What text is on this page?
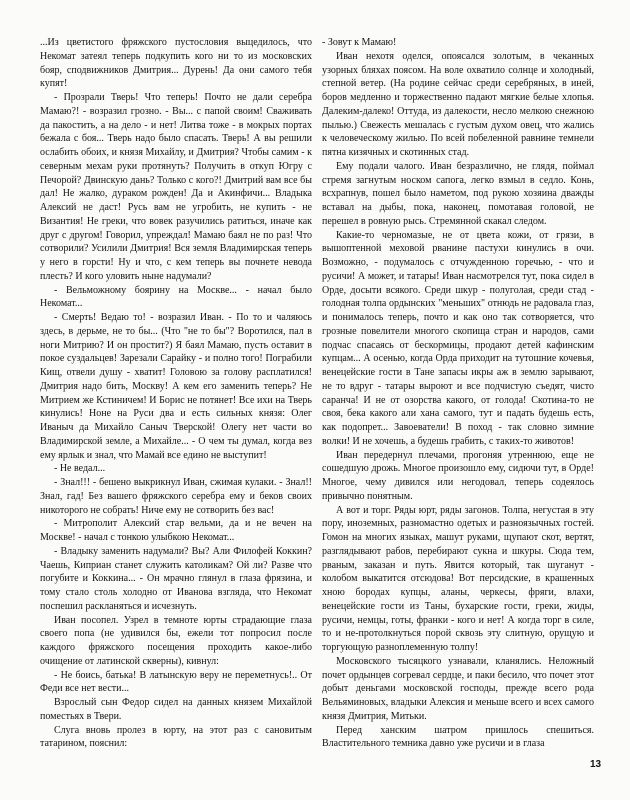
...Из цветистого фряжского пустословия выцедилось, что Некомат затеял теперь подкупить кого ни то из московских бояр, сподвижников Дмитрия... Дурень! Да они самого тебя купят!

- Прозрали Тверь! Что теперь! Почто не дали серебра Мамаю?! - возразил грозно. - Вы... с папой своим! Сваживать да пакостить, а на дело - и нет! Литва тоже - в мокрых портах бежала с боя... Тверь надо было спасать. Тверь! А вы решили ослабить обоих, и князя Михайлу, и Дмитрия? Чтобы самим - к северным мехам руки протянуть? Получить в откуп Югру с Печорой? Двинскую дань? Только с кого?! Дмитрий вам все бы дал! Не жалко, дураком рожден! Да и Акинфичи... Владыка Алексий не даст! Русь вам не угробить, не купить - не Византия! Не греки, что вовек разучились ратиться, иначе как друг с другом! Говорил, упреждал! Мамаю баял не по раз! Что сотворили? Усилили Дмитрия! Вся земля Владимирская теперь у него в горсти! Ну и что, с кем теперь вы почнете невода плесть? И кого уловить ныне надумали?

- Вельможному боярину на Москве... - начал было Некомат...

- Смерть! Ведаю то! - возразил Иван. - По то и чаляюсь здесь, в дерьме, не то бы... (Что "не то бы"? Воротился, пал в ноги Митрию? И он простит?) Я баял Мамаю, пусть оставит в покое суздальцев! Зарезали Сарайку - и полно того! Пограбили Кищ, отвели душу - хватит! Головою за голову расплатился! Дмитрия надо бить, Москву! А кем его заменить теперь? Не Митрием же Кстиничем! И Борис не потянет! Все ихи на Тверь кинулись! Ноне на Руси два и есть сильных князя: Олег Иваныч да Михайло Саныч Тверской! Олегу нет части во Владимирской земле, а Михайле... - О чем ты думал, когда вез ему ярлык и знал, что Мамай все едино не выступит!

- Не ведал...

- Знал!!! - бешено выкрикнул Иван, сжимая кулаки. - Знал!! Знал, гад! Без вашего фряжского серебра ему и беков своих никоторого не собрать! Ниче ему не сотворить без вас!

- Митрополит Алексий стар вельми, да и не вечен на Москве! - начал с тонкою улыбкою Некомат...

- Владыку заменить надумали? Вы? Али Филофей Коккин? Чаешь, Киприан станет служить католикам? Ой ли? Разве что погубите и Коккина... - Он мрачно глянул в глаза фрязина, и тому стало столь холодно от Иванова взгляда, что Некомат поспешил раскланяться и исчезнуть.

Иван посопел. Узрел в темноте юрты страдающие глаза своего попа (не удивился бы, ежели тот попросил после каждого фряжского посещения проходить какое-либо очищение от латинской скверны), кивнул:

- Не боись, батька! В латынскую веру не переметнусь!.. От Феди все нет вести...

Взрослый сын Федор сидел на данных князем Михайлой поместьях в Твери.

Слуга вновь пролез в юрту, на этот раз с сановитым татарином, пояснил:

- Зовут к Мамаю!

Иван нехотя оделся, опоясался золотым, в чеканных узорных бляхах поясом. На воле охватило солнце и холодный, степной ветер. (На родине сейчас среди серебряных, в иней, боров медленно и торжественно падают мягкие белые хлопья. Далеким-далеко! Оттуда, из далекости, несло мелкою снежною пылью.) Свежесть мешалась с густым духом овец, что жались к человеческому жилью. По всей побеленной равнине темнели пятна кизячных и скотинных стад.

Ему подали чалого. Иван безразлично, не глядя, поймал стремя загнутым носком сапога, легко взмыл в седло. Конь, всхрапнув, пошел было наметом, под рукою хозяина дважды вставал на дыбы, пока, наконец, помотавая головой, не перешел в ровную рысь. Стремянной скакал следом.

Какие-то черномазые, не от цвета кожи, от грязи, в вышоптенной меховой рванине пастухи кинулись в очи. Возможно, - подумалось с отчужденною горечью, - что и русичи! А может, и татары! Иван насмотрелся тут, пока сидел в Орде, досыти всякого. Среди шкур - полуголая, среди стад - голодная толпа ордынских "меньших" отнюдь не радовала глаз, и понималось теперь, почто и как оно так сотворяется, что грозные повелители многого скопища стран и народов, сами подчас спасаясь от бескормицы, продают детей кафинским купцам... А осенью, когда Орда приходит на тутошние кочевья, венецейские гости в Тане запасы икры аж в землю зарывают, не то вдруг - татары выроют и все подчистую съедят, чисто саранча! И не от озорства какого, от голода! Скотина-то не своя, бека какого али хана самого, тут и падать будешь есть, как подопрет... Завоеватели! В поход - так словно зимние волки! И не хочешь, а будешь грабить, с таких-то животов!

Иван передернул плечами, прогоняя утреннюю, еще не сошедшую дрожь. Многое произошло ему, сидючи тут, в Орде! Многое, чему дивился или негодовал, теперь содеялось привычно понятным.

А вот и торг. Ряды юрт, ряды загонов. Толпа, негустая в эту пору, иноземных, разномастно одетых и разноязычных гостей. Гомон на многих языках, машут руками, щупают скот, вертят, разглядывают рабов, перебирают сукна и шкуры. Сюда тем, рваным, заказан и путь. Явится который, так шуганут - колобом выкатится отсюдова! Вот персидские, в крашенных хною бородах купцы, аланы, черкесы, фряги, влахи, венецейские гости из Таны, бухарские гости, греки, жиды, русичи, немцы, готы, франки - кого и нет! А когда торг в силе, то и не-протолкнуться порой сквозь эту слитную, орущую и торгующую разноплеменную толпу!

Московского тысяцкого узнавали, кланялись. Неложный почет ордынцев согревал сердце, и паки бесило, что почет этот добыт деньгами московской господы, прежде всего рода Вельяминовых, владыки Алексия и меньше всего и всех самого князя Дмитрия, Митьки.

Перед ханским шатром пришлось спешиться. Властительного темника давно уже русичи и в глаза

13
